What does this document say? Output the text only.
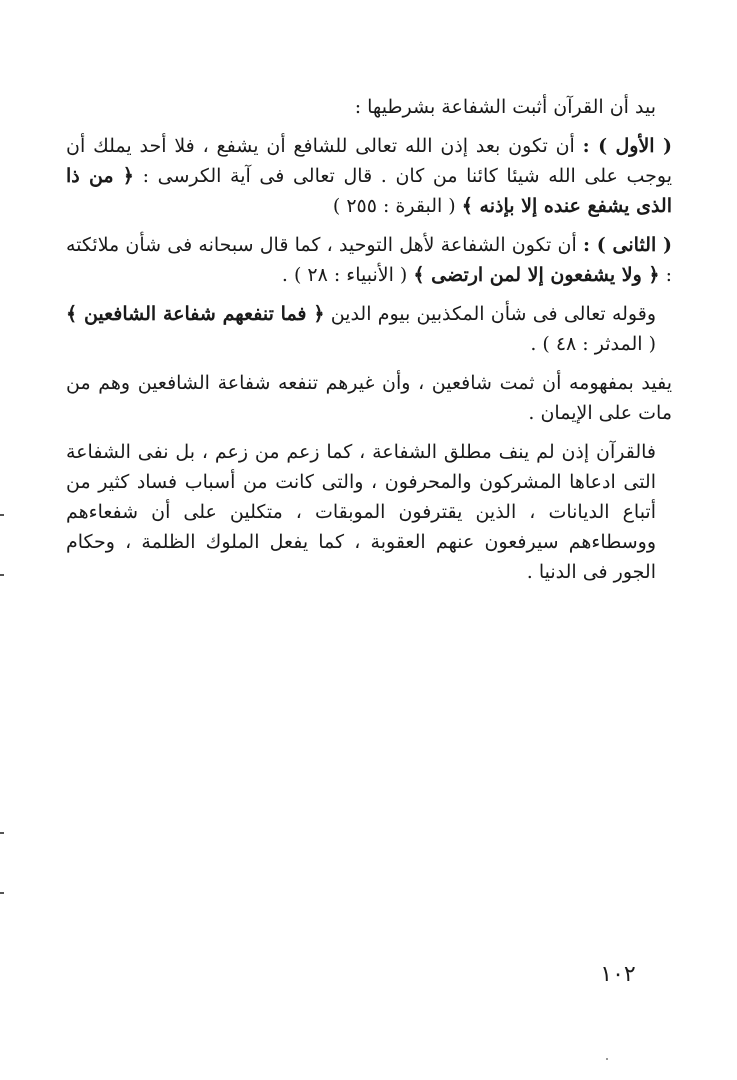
بيد أن القرآن أثبت الشفاعة بشرطيها :

( الأول ) : أن تكون بعد إذن الله تعالى للشافع أن يشفع ، فلا أحد يملك أن يوجب على الله شيئا كائنا من كان . قال تعالى فى آية الكرسى : ﴿ من ذا الذى يشفع عنده إلا بإذنه ﴾ ( البقرة : ٢٥٥ )

( الثانى ) : أن تكون الشفاعة لأهل التوحيد ، كما قال سبحانه فى شأن ملائكته : ﴿ ولا يشفعون إلا لمن ارتضى ﴾ ( الأنبياء : ٢٨ ) .

وقوله تعالى فى شأن المكذبين بيوم الدين ﴿ فما تنفعهم شفاعة الشافعين ﴾ ( المدثر : ٤٨ ) .

يفيد بمفهومه أن ثمت شافعين ، وأن غيرهم تنفعه شفاعة الشافعين وهم من مات على الإيمان .

فالقرآن إذن لم ينف مطلق الشفاعة ، كما زعم من زعم ، بل نفى الشفاعة التى ادعاها المشركون والمحرفون ، والتى كانت من أسباب فساد كثير من أتباع الديانات ، الذين يقترفون الموبقات ، متكلين على أن شفعاءهم ووسطاءهم سيرفعون عنهم العقوبة ، كما يفعل الملوك الظلمة ، وحكام الجور فى الدنيا .

١٠٢
